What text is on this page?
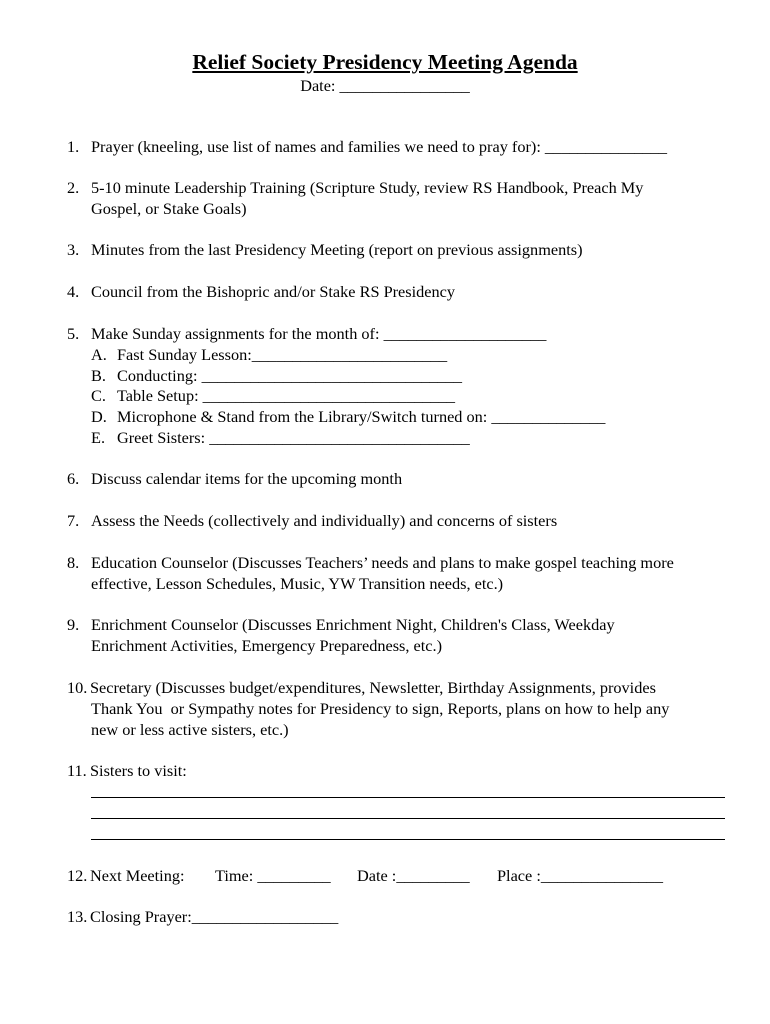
Relief Society Presidency Meeting Agenda
Date: ________________
1. Prayer (kneeling, use list of names and families we need to pray for): _______________
2. 5-10 minute Leadership Training (Scripture Study, review RS Handbook, Preach My
Gospel, or Stake Goals)
3. Minutes from the last Presidency Meeting (report on previous assignments)
4. Council from the Bishopric and/or Stake RS Presidency
5. Make Sunday assignments for the month of: ____________________
A. Fast Sunday Lesson:________________________
B. Conducting: ________________________________
C. Table Setup: _______________________________
D. Microphone & Stand from the Library/Switch turned on: ______________
E. Greet Sisters: ________________________________
6. Discuss calendar items for the upcoming month
7. Assess the Needs (collectively and individually) and concerns of sisters
8. Education Counselor (Discusses Teachers’ needs and plans to make gospel teaching more
effective, Lesson Schedules, Music, YW Transition needs, etc.)
9. Enrichment Counselor (Discusses Enrichment Night, Children's Class, Weekday
Enrichment Activities, Emergency Preparedness, etc.)
10. Secretary (Discusses budget/expenditures, Newsletter, Birthday Assignments, provides
Thank You  or Sympathy notes for Presidency to sign, Reports, plans on how to help any
new or less active sisters, etc.)
11. Sisters to visit:
12. Next Meeting: Time: _________ Date :_________ Place :_______________
13. Closing Prayer:__________________
